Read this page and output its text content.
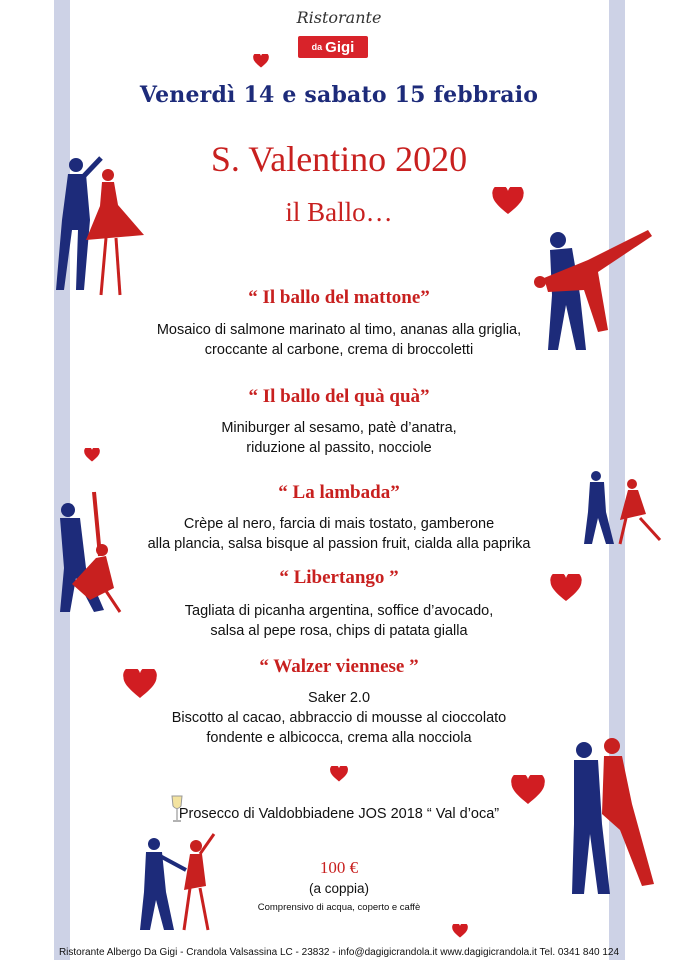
Ristorante
da Gigi
Venerdì 14 e sabato 15 febbraio
S. Valentino 2020
il Ballo…
“ Il ballo del mattone”
Mosaico di salmone marinato al timo, ananas alla griglia,
croccante al carbone, crema di broccoletti
“ Il ballo del quà quà”
Miniburger al sesamo, patè d’anatra,
riduzione al passito, nocciole
“ La lambada”
Crèpe al nero, farcia di mais tostato, gamberone
alla plancia, salsa bisque al passion fruit, cialda alla paprika
“ Libertango ”
Tagliata di picanha argentina, soffice d’avocado,
salsa al pepe rosa, chips di patata gialla
“ Walzer viennese ”
Saker 2.0
Biscotto al cacao, abbraccio di mousse al cioccolato
fondente e albicocca, crema alla nocciola
Prosecco di Valdobbiadene JOS 2018 “ Val d’oca”
100 €
(a coppia)
Comprensivo di acqua, coperto e caffè
Ristorante Albergo Da Gigi - Crandola Valsassina LC - 23832 - info@dagigicrandola.it www.dagigicrandola.it Tel. 0341 840 124
